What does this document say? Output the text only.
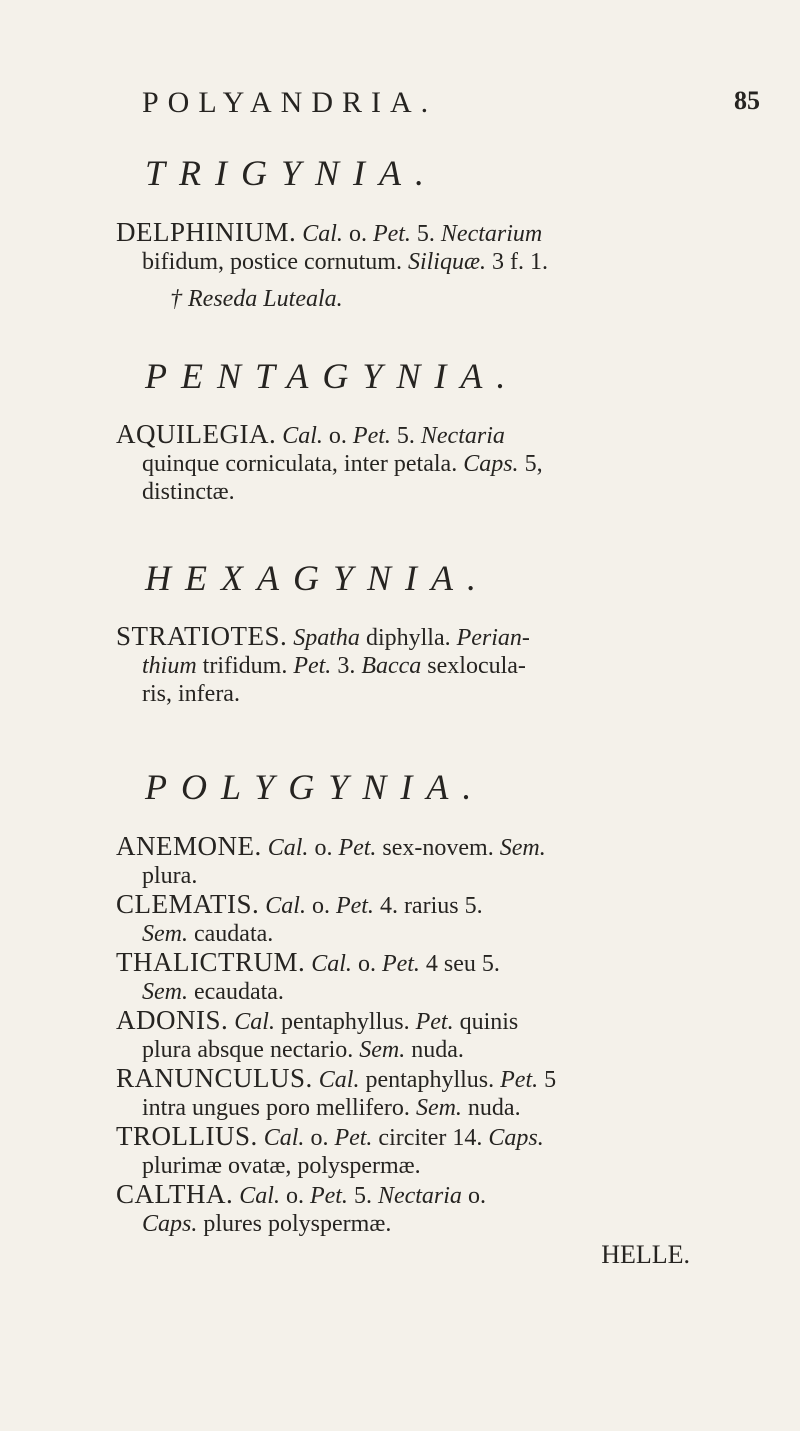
POLYANDRIA.	85
TRIGYNIA.
DELPHINIUM. Cal. o. Pet. 5. Nectarium
bifidum, postice cornutum. Siliquæ. 3 f. 1.
† Reseda Luteala.
PENTAGYNIA.
AQUILEGIA. Cal. o. Pet. 5. Nectaria
quinque corniculata, inter petala. Caps. 5,
distinctæ.
HEXAGYNIA.
STRATIOTES. Spatha diphylla. Perian-
thium trifidum. Pet. 3. Bacca sexlocula-
ris, infera.
POLYGYNIA.
ANEMONE. Cal. o. Pet. sex-novem. Sem.
plura.
CLEMATIS. Cal. o. Pet. 4. rarius 5.
Sem. caudata.
THALICTRUM. Cal. o. Pet. 4 seu 5.
Sem. ecaudata.
ADONIS. Cal. pentaphyllus. Pet. quinis
plura absque nectario. Sem. nuda.
RANUNCULUS. Cal. pentaphyllus. Pet. 5
intra ungues poro mellifero. Sem. nuda.
TROLLIUS. Cal. o. Pet. circiter 14. Caps.
plurimæ ovatæ, polyspermæ.
CALTHA. Cal. o. Pet. 5. Nectaria o.
Caps. plures polyspermæ.
HELLE.
